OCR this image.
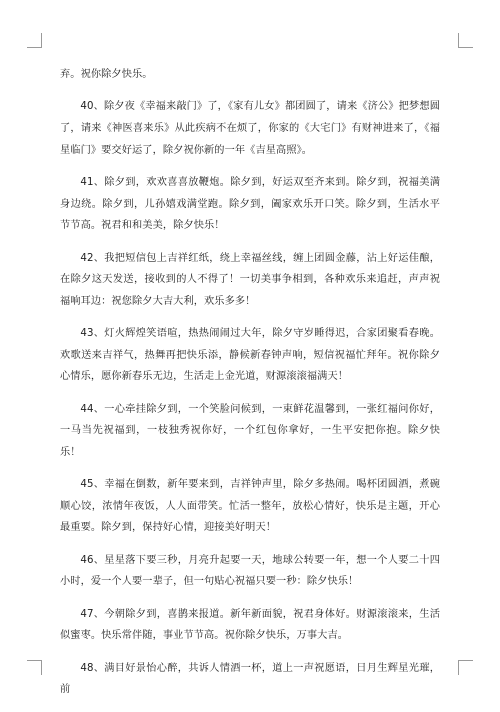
弃。祝你除夕快乐。

40、除夕夜《幸福来敲门》了，《家有儿女》都团圆了，请来《济公》把梦想圆了，请来《神医喜来乐》从此疾病不在烦了，你家的《大宅门》有财神进来了，《福星临门》要交好运了，除夕祝你新的一年《吉星高照》。

41、除夕到，欢欢喜喜放鞭炮。除夕到，好运双至齐来到。除夕到，祝福美满身边绕。除夕到，儿孙嬉戏满堂跑。除夕到，阖家欢乐开口笑。除夕到，生活水平节节高。祝君和和美美，除夕快乐！

42、我把短信包上吉祥红纸，绕上幸福丝线，缠上团圆金藤，沾上好运佳酿，在除夕这天发送，接收到的人不得了！一切美事争相到，各种欢乐来追赶，声声祝福响耳边：祝您除夕大吉大利，欢乐多多！

43、灯火辉煌笑语喧，热热闹闹过大年，除夕守岁睡得迟，合家团聚看春晚。欢歌送来吉祥气，热舞再把快乐添，静候新春钟声响，短信祝福忙拜年。祝你除夕心情乐，愿你新春乐无边，生活走上金光道，财源滚滚福满天！

44、一心牵挂除夕到，一个笑脸问候到，一束鲜花温馨到，一张红福问你好，一马当先祝福到，一枝独秀祝你好，一个红包你拿好，一生平安把你抱。除夕快乐！

45、幸福在倒数，新年要来到，吉祥钟声里，除夕多热闹。喝杯团圆酒，煮碗顺心饺，浓情年夜饭，人人面带笑。忙活一整年，放松心情好，快乐是主题，开心最重要。除夕到，保持好心情，迎接美好明天！

46、星星落下要三秒，月亮升起要一天，地球公转要一年，想一个人要二十四小时，爱一个人要一辈子，但一句贴心祝福只要一秒：除夕快乐！

47、今朝除夕到，喜鹊来报道。新年新面貌，祝君身体好。财源滚滚来，生活似蜜枣。快乐常伴随，事业节节高。祝你除夕快乐，万事大吉。

48、满目好景怡心醉，共诉人情酒一杯，道上一声祝愿语，日月生辉星光璀，前
